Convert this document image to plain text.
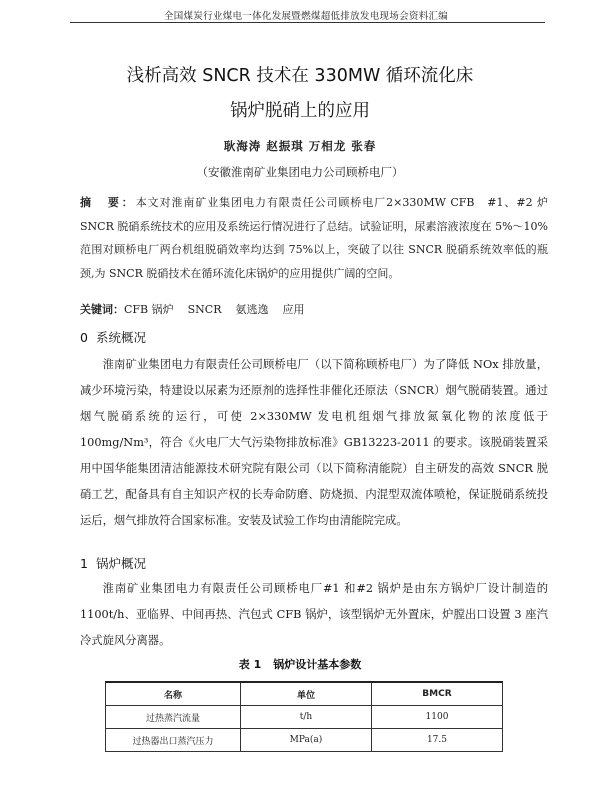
全国煤炭行业煤电一体化发展暨燃煤超低排放发电现场会资料汇编
浅析高效 SNCR 技术在 330MW 循环流化床
锅炉脱硝上的应用
耿海涛 赵振琪 万相龙 张春
（安徽淮南矿业集团电力公司顾桥电厂）
摘　要：本文对淮南矿业集团电力有限责任公司顾桥电厂2×330MW CFB　#1、#2 炉 SNCR 脱硝系统技术的应用及系统运行情况进行了总结。试验证明，尿素溶液浓度在 5%～10%范围对顾桥电厂两台机组脱硝效率均达到 75%以上，突破了以往 SNCR 脱硝系统效率低的瓶颈,为 SNCR 脱硝技术在循环流化床锅炉的应用提供广阔的空间。
关键词：CFB 锅炉 SNCR 氨逃逸 应用
0 系统概况
淮南矿业集团电力有限责任公司顾桥电厂（以下简称顾桥电厂）为了降低 NOx 排放量，减少环境污染，特建设以尿素为还原剂的选择性非催化还原法（SNCR）烟气脱硝装置。通过烟气脱硝系统的运行，可使 2×330MW 发电机组烟气排放氮氧化物的浓度低于 100mg/Nm³，符合《火电厂大气污染物排放标准》GB13223-2011 的要求。该脱硝装置采用中国华能集团清洁能源技术研究院有限公司（以下简称清能院）自主研发的高效 SNCR 脱硝工艺，配备具有自主知识产权的长寿命防磨、防烧损、内混型双流体喷枪，保证脱硝系统投运后，烟气排放符合国家标准。安装及试验工作均由清能院完成。
1 锅炉概况
淮南矿业集团电力有限责任公司顾桥电厂#1 和#2 锅炉是由东方锅炉厂设计制造的 1100t/h、亚临界、中间再热、汽包式 CFB 锅炉，该型锅炉无外置床，炉膛出口设置 3 座汽冷式旋风分离器。
表 1 锅炉设计基本参数
名称	单位	BMCR
过热蒸汽流量	t/h	1100
过热器出口蒸汽压力	MPa(a)	17.5
